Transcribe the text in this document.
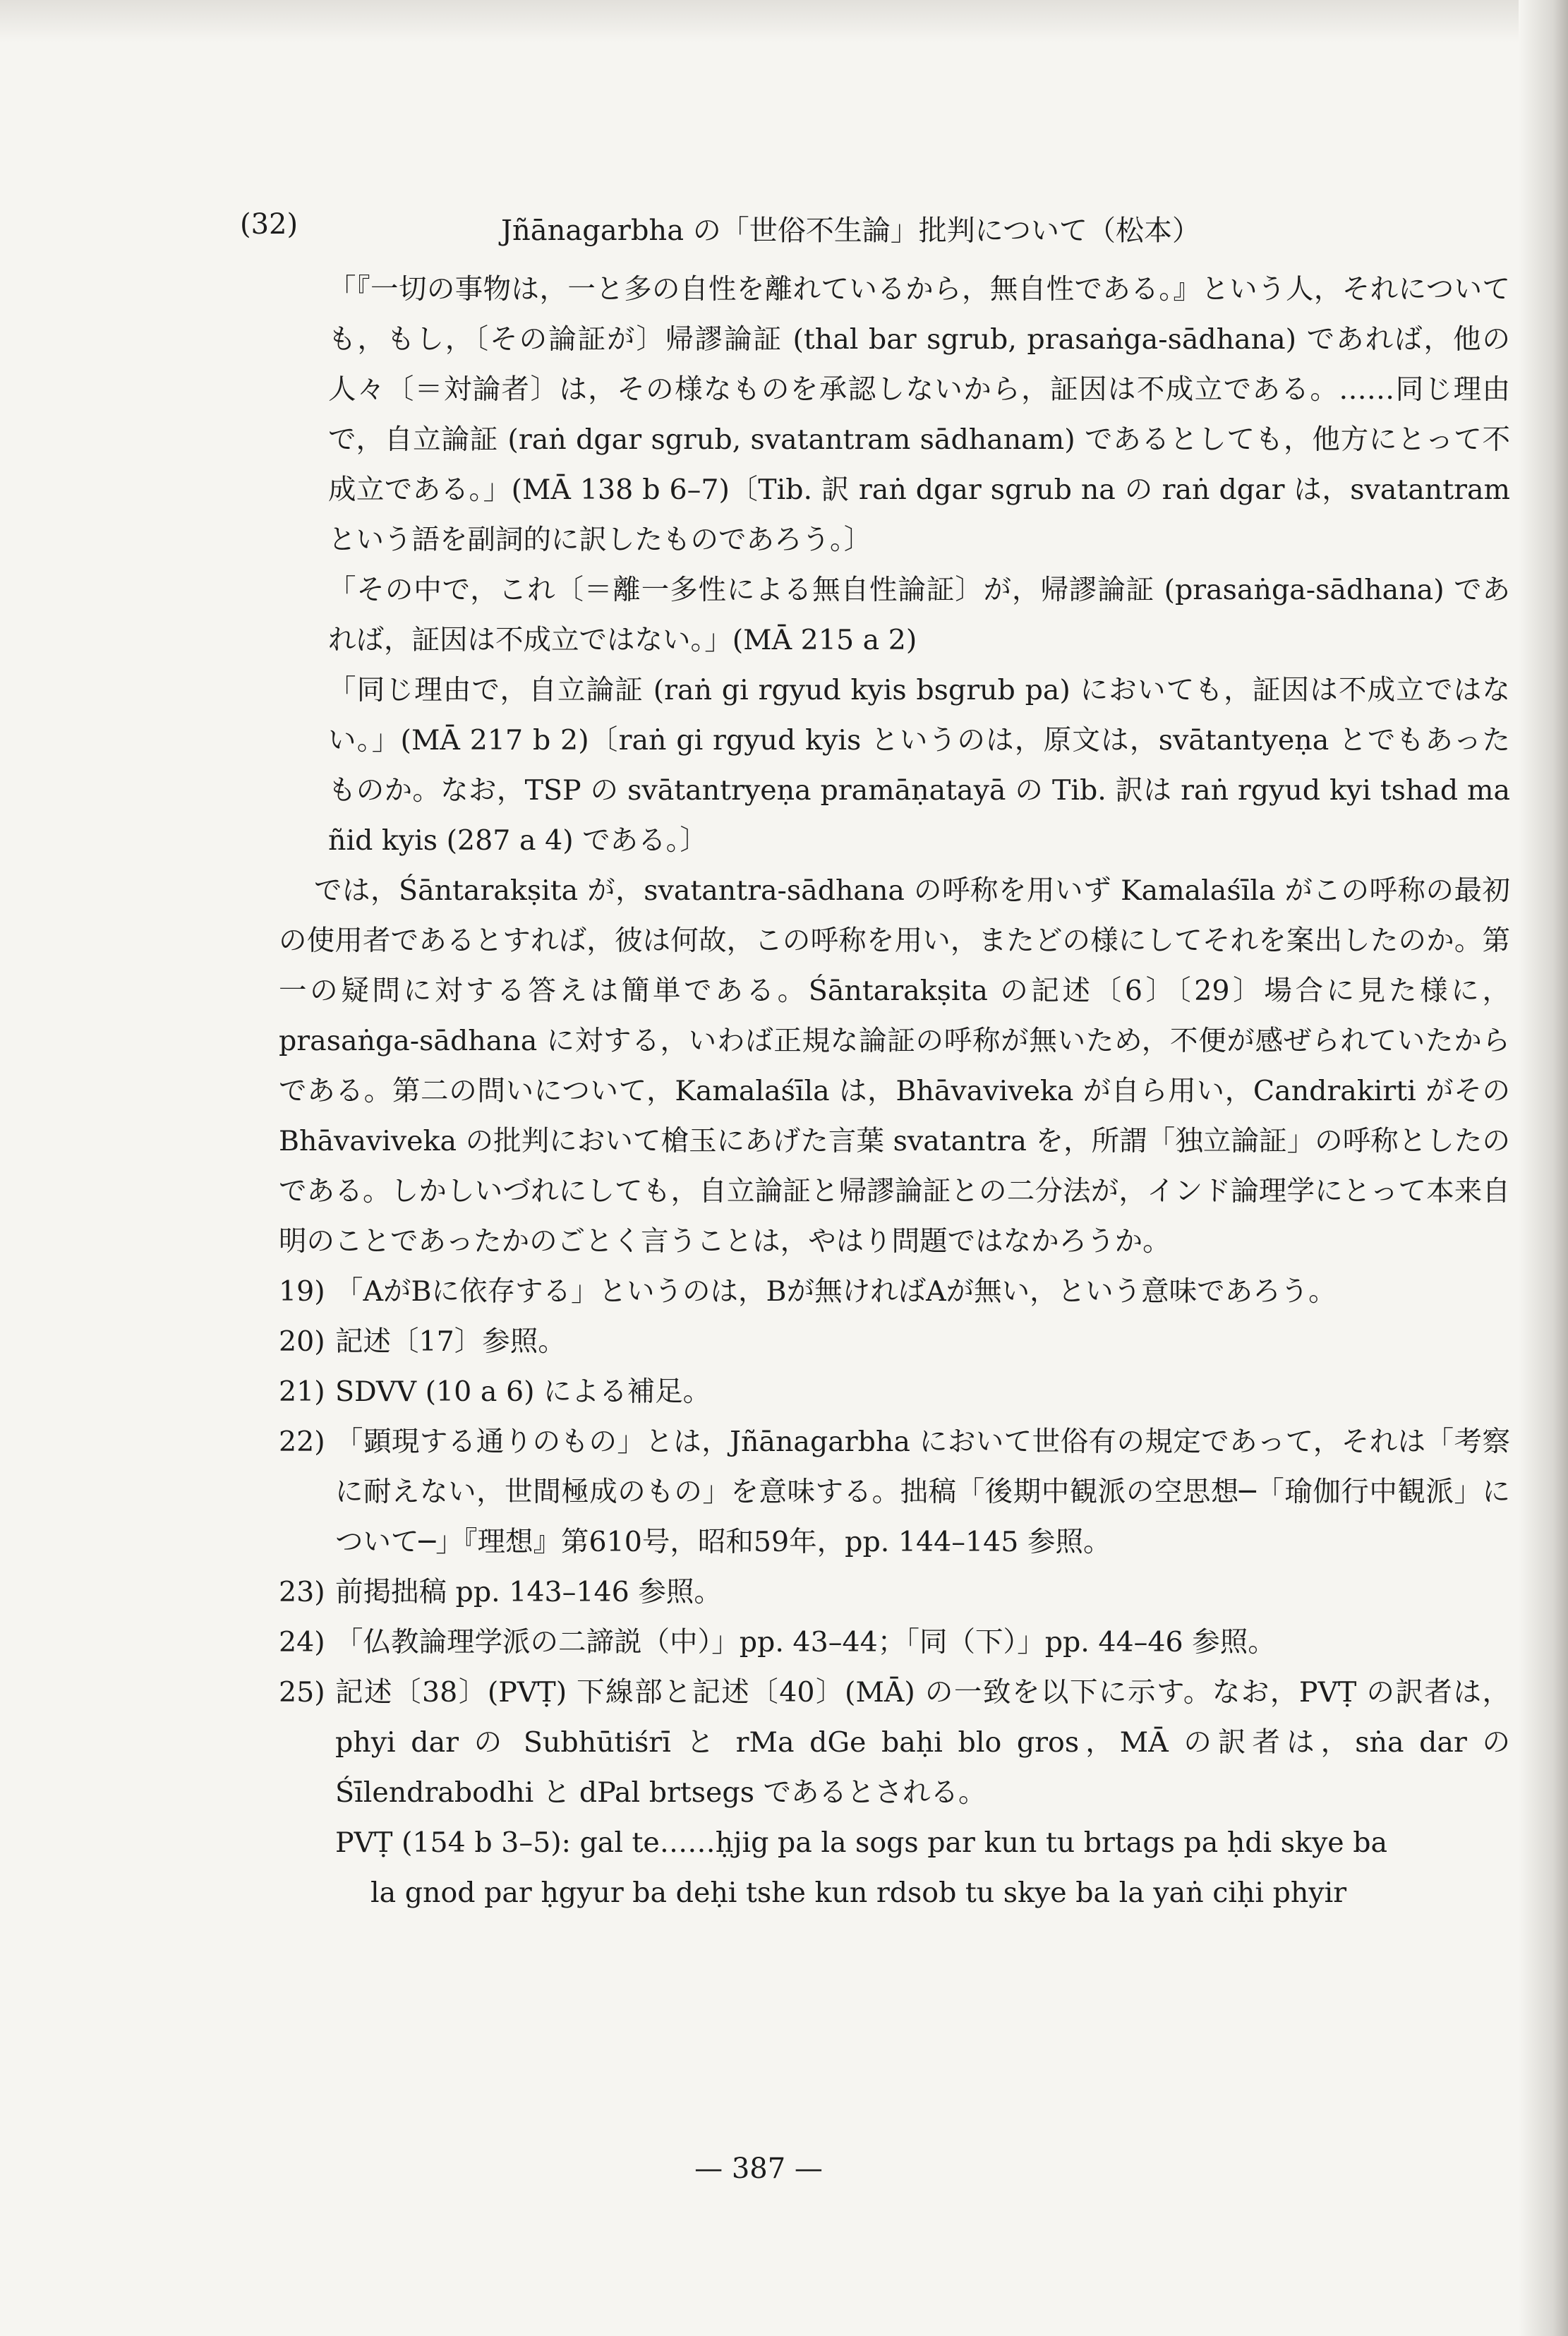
(32)	Jñānagarbha の「世俗不生論」批判について（松本）

「『一切の事物は，一と多の自性を離れているから，無自性である。』という人，それについても，もし，〔その論証が〕帰謬論証 (thal bar sgrub, prasaṅga-sādhana) であれば，他の人々〔＝対論者〕は，その様なものを承認しないから，証因は不成立である。……同じ理由で，自立論証 (raṅ dgar sgrub, svatantram sādhanam) であるとしても，他方にとって不成立である。」(MĀ 138 b 6–7)〔Tib. 訳 raṅ dgar sgrub na の raṅ dgar は，svatantram という語を副詞的に訳したものであろう。〕

「その中で，これ〔＝離一多性による無自性論証〕が，帰謬論証 (prasaṅga-sādhana) であれば，証因は不成立ではない。」(MĀ 215 a 2)

「同じ理由で，自立論証 (raṅ gi rgyud kyis bsgrub pa) においても，証因は不成立ではない。」(MĀ 217 b 2)〔raṅ gi rgyud kyis というのは，原文は，svātantyeṇa とでもあったものか。なお，TSP の svātantryeṇa pramāṇatayā の Tib. 訳は raṅ rgyud kyi tshad ma ñid kyis (287 a 4) である。〕

では，Śāntarakṣita が，svatantra-sādhana の呼称を用いず Kamalaśīla がこの呼称の最初の使用者であるとすれば，彼は何故，この呼称を用い，またどの様にしてそれを案出したのか。第一の疑問に対する答えは簡単である。Śāntarakṣita の記述〔6〕〔29〕場合に見た様に，prasaṅga-sādhana に対する，いわば正規な論証の呼称が無いため，不便が感ぜられていたからである。第二の問いについて，Kamalaśīla は，Bhāvaviveka が自ら用い，Candrakirti がその Bhāvaviveka の批判において槍玉にあげた言葉 svatantra を，所謂「独立論証」の呼称としたのである。しかしいづれにしても，自立論証と帰謬論証との二分法が，インド論理学にとって本来自明のことであったかのごとく言うことは，やはり問題ではなかろうか。

19) 「AがBに依存する」というのは，Bが無ければAが無い，という意味であろう。
20) 記述〔17〕参照。
21) SDVV (10 a 6) による補足。
22) 「顕現する通りのもの」とは，Jñānagarbha において世俗有の規定であって，それは「考察に耐えない，世間極成のもの」を意味する。拙稿「後期中観派の空思想─「瑜伽行中観派」について─」『理想』第610号，昭和59年，pp. 144–145 参照。
23) 前掲拙稿 pp. 143–146 参照。
24) 「仏教論理学派の二諦説（中）」pp. 43–44；「同（下）」pp. 44–46 参照。
25) 記述〔38〕(PVṬ) 下線部と記述〔40〕(MĀ) の一致を以下に示す。なお，PVṬ の訳者は，phyi dar の Subhūtiśrī と rMa dGe baḥi blo gros，MĀ の訳者は，sṅa dar の Śīlendrabodhi と dPal brtsegs であるとされる。
PVṬ (154 b 3–5): gal te……ḥjig pa la sogs par kun tu brtags pa ḥdi skye ba
la gnod par ḥgyur ba deḥi tshe kun rdsob tu skye ba la yaṅ ciḥi phyir
— 387 —
